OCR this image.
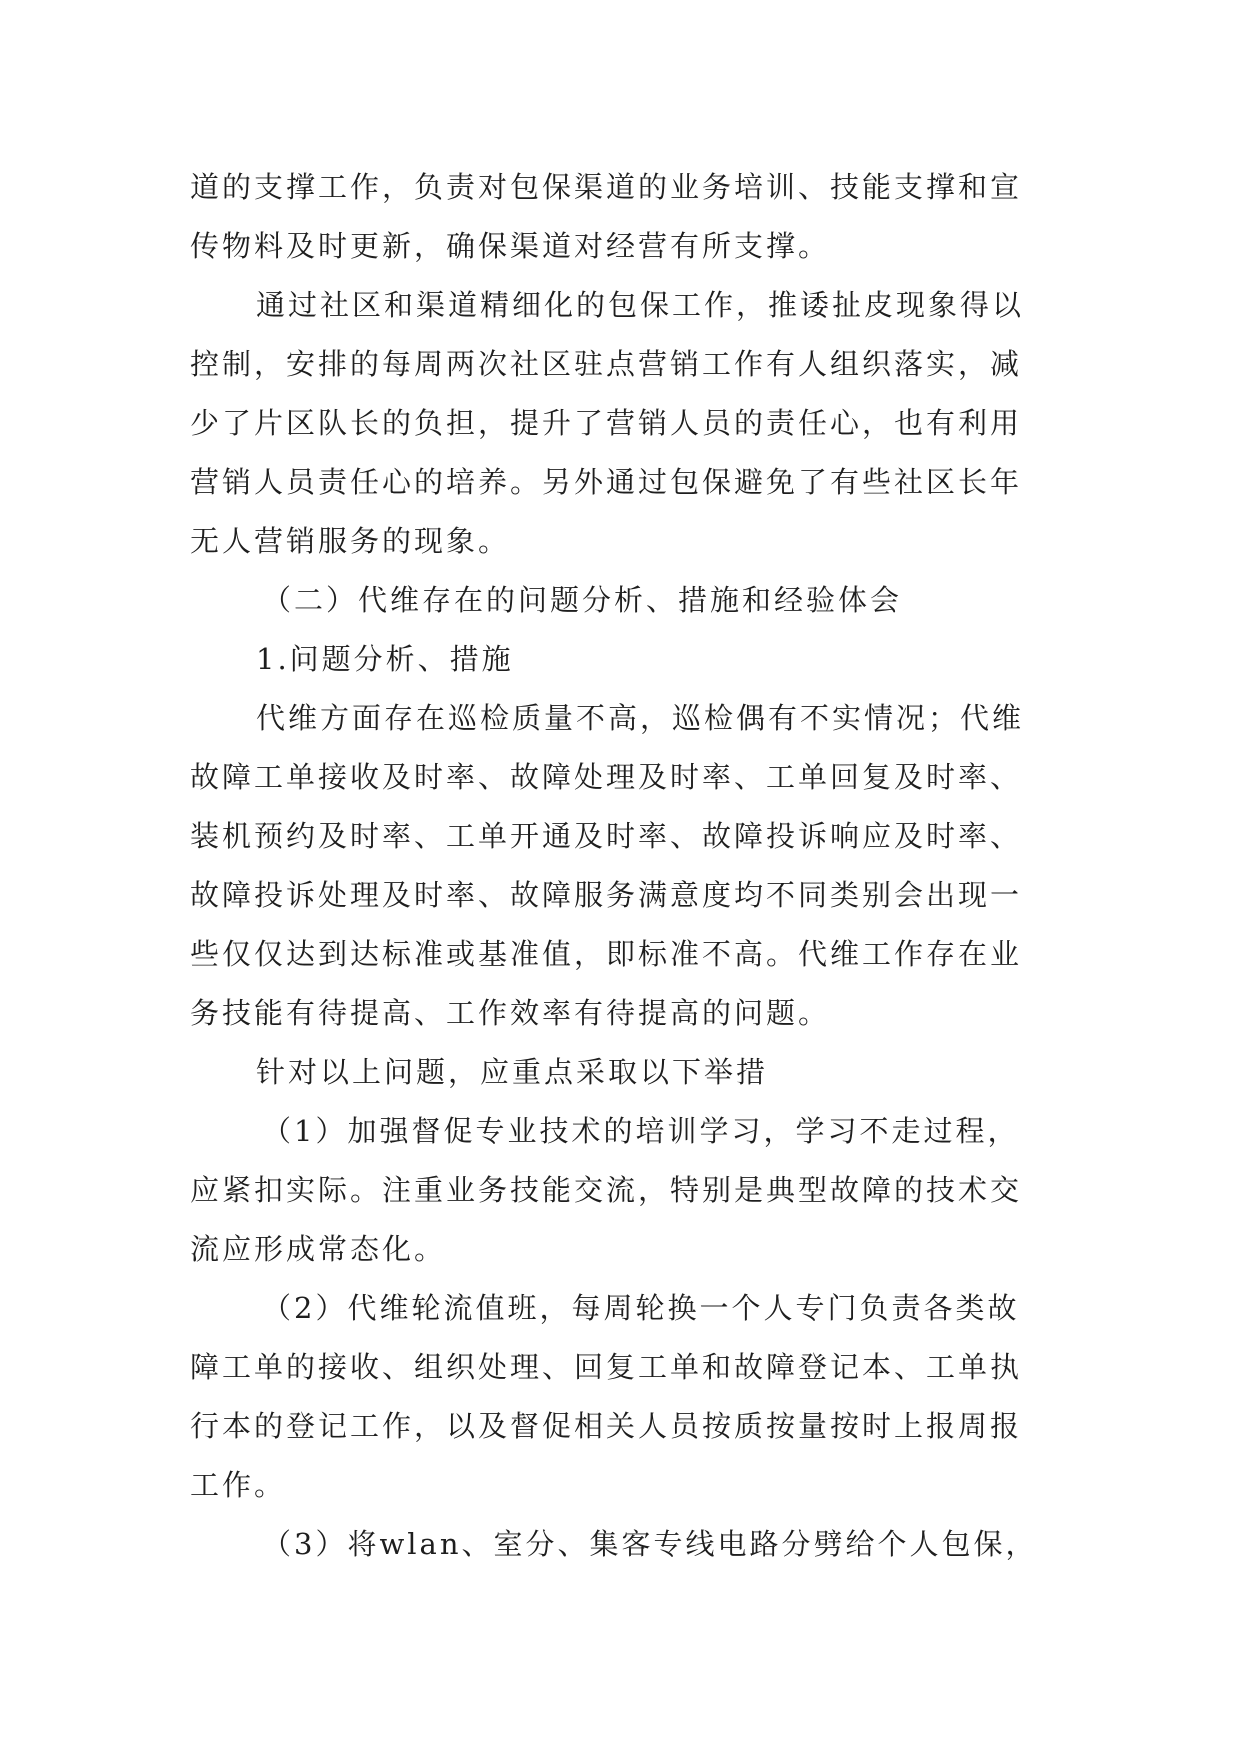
道的支撑工作，负责对包保渠道的业务培训、技能支撑和宣
传物料及时更新，确保渠道对经营有所支撑。
通过社区和渠道精细化的包保工作，推诿扯皮现象得以
控制，安排的每周两次社区驻点营销工作有人组织落实，减
少了片区队长的负担，提升了营销人员的责任心，也有利用
营销人员责任心的培养。另外通过包保避免了有些社区长年
无人营销服务的现象。
（二）代维存在的问题分析、措施和经验体会
1.问题分析、措施
代维方面存在巡检质量不高，巡检偶有不实情况；代维
故障工单接收及时率、故障处理及时率、工单回复及时率、
装机预约及时率、工单开通及时率、故障投诉响应及时率、
故障投诉处理及时率、故障服务满意度均不同类别会出现一
些仅仅达到达标准或基准值，即标准不高。代维工作存在业
务技能有待提高、工作效率有待提高的问题。
针对以上问题，应重点采取以下举措
（1）加强督促专业技术的培训学习，学习不走过程，
应紧扣实际。注重业务技能交流，特别是典型故障的技术交
流应形成常态化。
（2）代维轮流值班，每周轮换一个人专门负责各类故
障工单的接收、组织处理、回复工单和故障登记本、工单执
行本的登记工作，以及督促相关人员按质按量按时上报周报
工作。
（3）将wlan、室分、集客专线电路分劈给个人包保，
